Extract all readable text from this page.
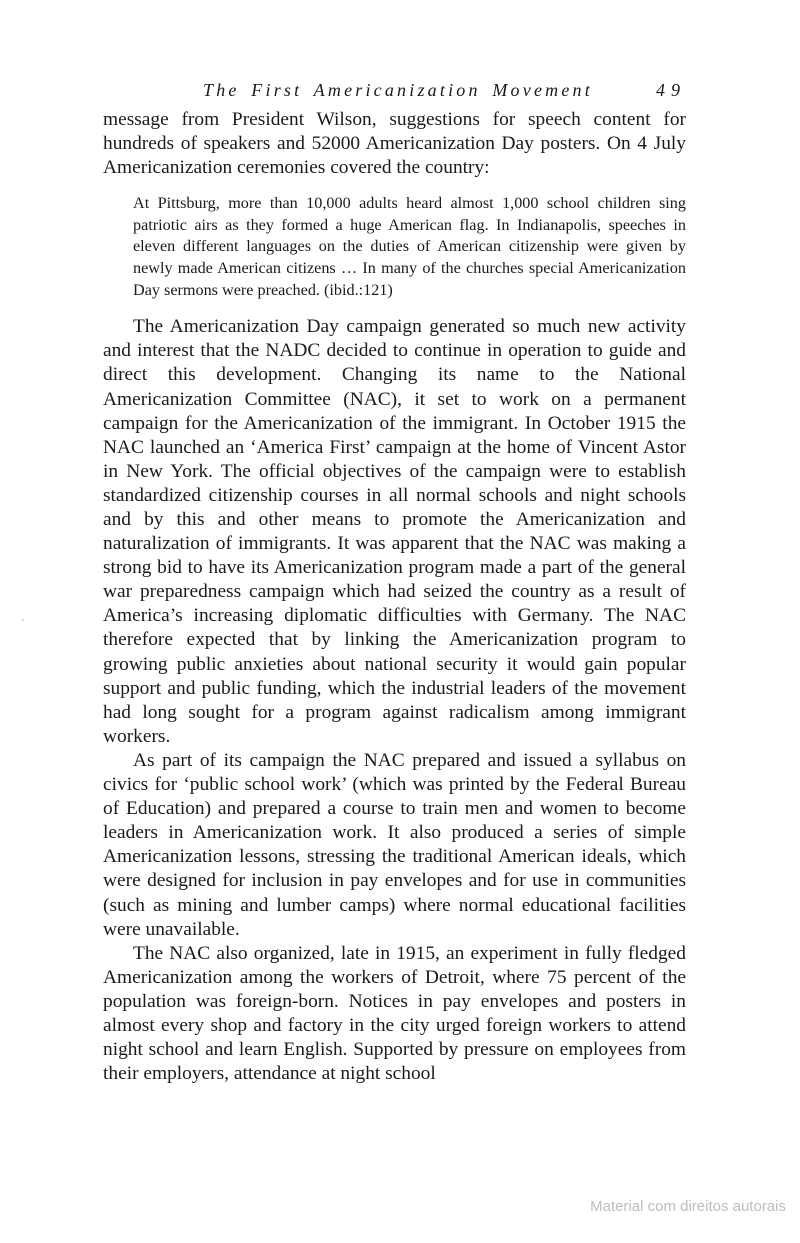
The First Americanization Movement	49

message from President Wilson, suggestions for speech content for hundreds of speakers and 52000 Americanization Day posters. On 4 July Americanization ceremonies covered the country:

At Pittsburg, more than 10,000 adults heard almost 1,000 school children sing patriotic airs as they formed a huge American flag. In Indianapolis, speeches in eleven different languages on the duties of American citizenship were given by newly made American citizens … In many of the churches special Americanization Day sermons were preached. (ibid.:121)

The Americanization Day campaign generated so much new activity and interest that the NADC decided to continue in operation to guide and direct this development. Changing its name to the National Americanization Committee (NAC), it set to work on a permanent campaign for the Americanization of the immigrant. In October 1915 the NAC launched an ‘America First’ campaign at the home of Vincent Astor in New York. The official objectives of the campaign were to establish standardized citizenship courses in all normal schools and night schools and by this and other means to promote the Americanization and naturalization of immigrants. It was apparent that the NAC was making a strong bid to have its Americanization program made a part of the general war preparedness campaign which had seized the country as a result of America’s increasing diplomatic difficulties with Germany. The NAC therefore expected that by linking the Americanization program to growing public anxieties about national security it would gain popular support and public funding, which the industrial leaders of the movement had long sought for a program against radicalism among immigrant workers.

As part of its campaign the NAC prepared and issued a syllabus on civics for ‘public school work’ (which was printed by the Federal Bureau of Education) and prepared a course to train men and women to become leaders in Americanization work. It also produced a series of simple Americanization lessons, stressing the traditional American ideals, which were designed for inclusion in pay envelopes and for use in communities (such as mining and lumber camps) where normal educational facilities were unavailable.

The NAC also organized, late in 1915, an experiment in fully fledged Americanization among the workers of Detroit, where 75 percent of the population was foreign-born. Notices in pay envelopes and posters in almost every shop and factory in the city urged foreign workers to attend night school and learn English. Supported by pressure on employees from their employers, attendance at night school

Material com direitos autorais
